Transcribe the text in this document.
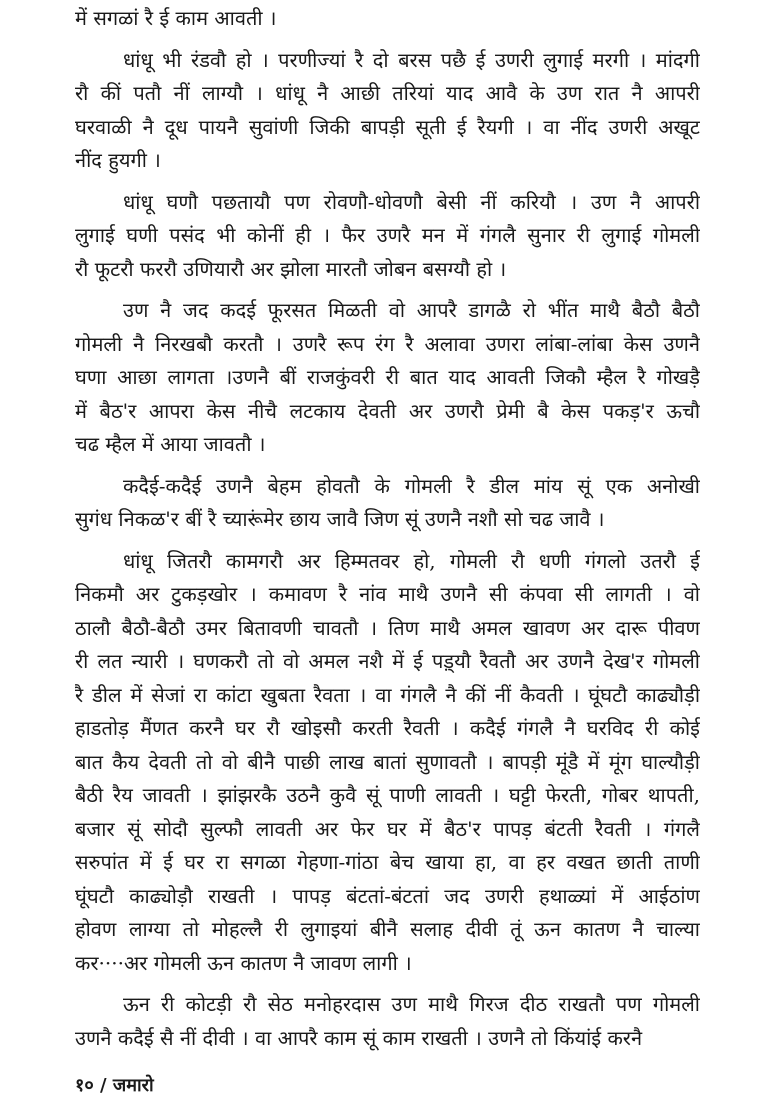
में सगळां रै ई काम आवती ।
धांधू भी रंडवौ हो । परणीज्यां रै दो बरस पछै ई उणरी लुगाई मरगी । मांदगी
रौ कीं पतौ नीं लाग्यौ । धांधू नै आछी तरियां याद आवै के उण रात नै आपरी
घरवाळी नै दूध पायनै सुवांणी जिकी बापड़ी सूती ई रैयगी । वा नींद उणरी अखूट
नींद हुयगी ।
धांधू घणौ पछतायौ पण रोवणौ-धोवणौ बेसी नीं करियौ । उण नै आपरी
लुगाई घणी पसंद भी कोनीं ही । फैर उणरै मन में गंगलै सुनार री लुगाई गोमली
रौ फूटरौ फररौ उणियारौ अर झोला मारतौ जोबन बसग्यौ हो ।
उण नै जद कदई फूरसत मिळती वो आपरै डागळै रो भींत माथै बैठौ बैठौ
गोमली नै निरखबौ करतौ । उणरै रूप रंग रै अलावा उणरा लांबा-लांबा केस उणनै
घणा आछा लागता ।उणनै बीं राजकुंवरी री बात याद आवती जिकौ म्हैल रै गोखड़ै
में बैठ'र आपरा केस नीचै लटकाय देवती अर उणरौ प्रेमी बै केस पकड़'र ऊचौ
चढ म्हैल में आया जावतौ ।
कदैई-कदैई उणनै बेहम होवतौ के गोमली रै डील मांय सूं एक अनोखी
सुगंध निकळ'र बीं रै च्यारूंमेर छाय जावै जिण सूं उणनै नशौ सो चढ जावै ।
धांधू जितरौ कामगरौ अर हिम्मतवर हो, गोमली रौ धणी गंगलो उतरौ ई
निकमौ अर टुकड़खोर । कमावण रै नांव माथै उणनै सी कंपवा सी लागती । वो
ठालौ बैठौ-बैठौ उमर बितावणी चावतौ । तिण माथै अमल खावण अर दारू पीवण
री लत न्यारी । घणकरौ तो वो अमल नशै में ई पड़्यौ रैवतौ अर उणनै देख'र गोमली
रै डील में सेजां रा कांटा खुबता रैवता । वा गंगलै नै कीं नीं कैवती । घूंघटौ काढ्यौड़ी
हाडतोड़ मैंणत करनै घर रौ खोइसौ करती रैवती । कदैई गंगलै नै घरविद री कोई
बात कैय देवती तो वो बीनै पाछी लाख बातां सुणावतौ । बापड़ी मूंडै में मूंग घाल्यौड़ी
बैठी रैय जावती । झांझरकै उठनै कुवै सूं पाणी लावती । घट्टी फेरती, गोबर थापती,
बजार सूं सोदौ सुल्फौ लावती अर फेर घर में बैठ'र पापड़ बंटती रैवती । गंगलै
सरुपांत में ई घर रा सगळा गेहणा-गांठा बेच खाया हा, वा हर वखत छाती ताणी
घूंघटौ काढ्योड़ौ राखती । पापड़ बंटतां-बंटतां जद उणरी हथाळ्यां में आईठांण
होवण लाग्या तो मोहल्लै री लुगाइयां बीनै सलाह दीवी तूं ऊन कातण नै चाल्या
कर····अर गोमली ऊन कातण नै जावण लागी ।
ऊन री कोटड़ी रौ सेठ मनोहरदास उण माथै गिरज दीठ राखतौ पण गोमली
उणनै कदैई सै नीं दीवी । वा आपरै काम सूं काम राखती । उणनै तो किंयांई करनै
१० / जमारो
